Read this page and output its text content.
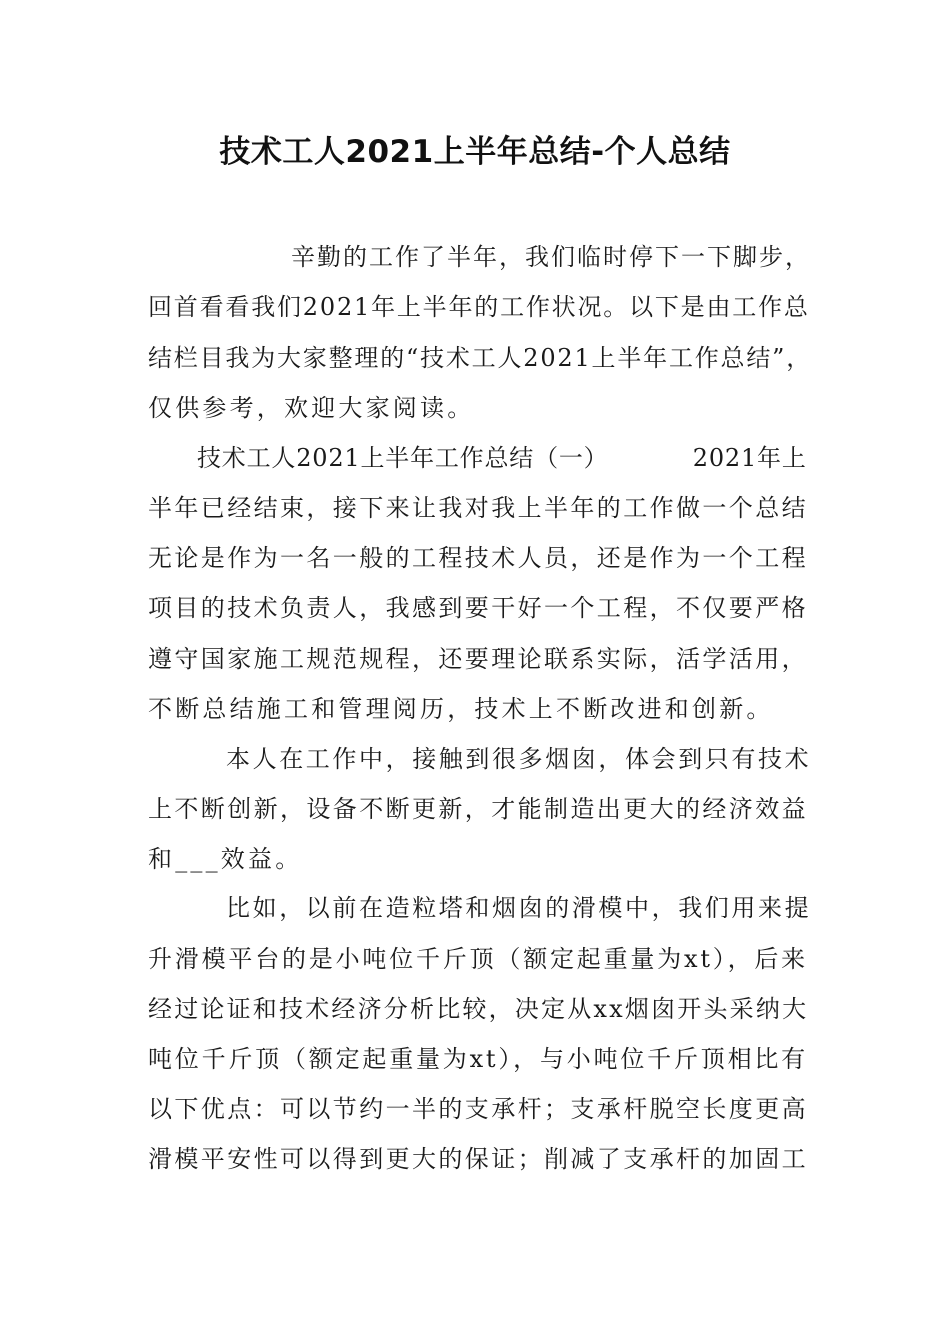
技术工人2021上半年总结-个人总结
辛勤的工作了半年，我们临时停下一下脚步，
回首看看我们2021年上半年的工作状况。以下是由工作总
结栏目我为大家整理的“技术工人2021上半年工作总结”，
仅供参考，欢迎大家阅读。
技术工人2021上半年工作总结（一）          2021年上
半年已经结束，接下来让我对我上半年的工作做一个总结
无论是作为一名一般的工程技术人员，还是作为一个工程
项目的技术负责人，我感到要干好一个工程，不仅要严格
遵守国家施工规范规程，还要理论联系实际，活学活用，
不断总结施工和管理阅历，技术上不断改进和创新。
本人在工作中，接触到很多烟囱，体会到只有技术
上不断创新，设备不断更新，才能制造出更大的经济效益
和___效益。
比如，以前在造粒塔和烟囱的滑模中，我们用来提
升滑模平台的是小吨位千斤顶（额定起重量为xt），后来
经过论证和技术经济分析比较，决定从xx烟囱开头采纳大
吨位千斤顶（额定起重量为xt），与小吨位千斤顶相比有
以下优点：可以节约一半的支承杆；支承杆脱空长度更高
滑模平安性可以得到更大的保证；削减了支承杆的加固工
